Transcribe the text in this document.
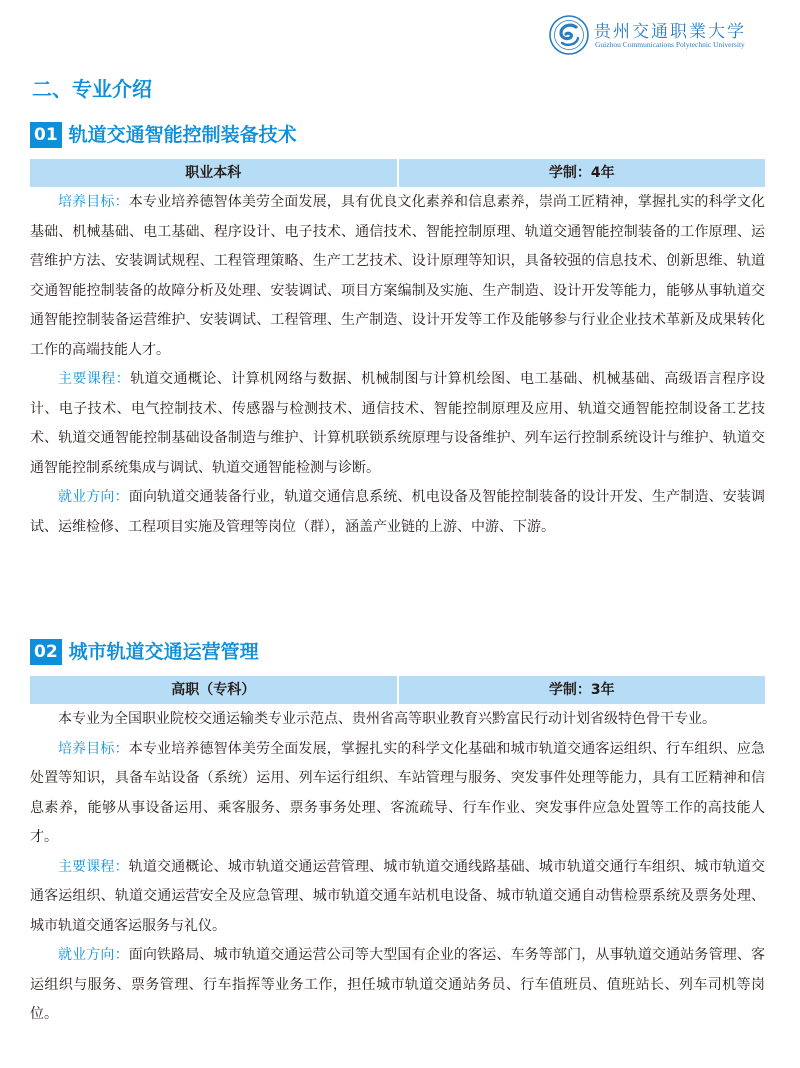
贵州交通职業大学
Guizhou Communications Polytechnic University
二、专业介绍
01 轨道交通智能控制装备技术
职业本科	学制：4年

培养目标：本专业培养德智体美劳全面发展，具有优良文化素养和信息素养，崇尚工匠精神，掌握扎实的科学文化基础、机械基础、电工基础、程序设计、电子技术、通信技术、智能控制原理、轨道交通智能控制装备的工作原理、运营维护方法、安装调试规程、工程管理策略、生产工艺技术、设计原理等知识，具备较强的信息技术、创新思维、轨道交通智能控制装备的故障分析及处理、安装调试、项目方案编制及实施、生产制造、设计开发等能力，能够从事轨道交通智能控制装备运营维护、安装调试、工程管理、生产制造、设计开发等工作及能够参与行业企业技术革新及成果转化工作的高端技能人才。

主要课程：轨道交通概论、计算机网络与数据、机械制图与计算机绘图、电工基础、机械基础、高级语言程序设计、电子技术、电气控制技术、传感器与检测技术、通信技术、智能控制原理及应用、轨道交通智能控制设备工艺技术、轨道交通智能控制基础设备制造与维护、计算机联锁系统原理与设备维护、列车运行控制系统设计与维护、轨道交通智能控制系统集成与调试、轨道交通智能检测与诊断。

就业方向：面向轨道交通装备行业，轨道交通信息系统、机电设备及智能控制装备的设计开发、生产制造、安装调试、运维检修、工程项目实施及管理等岗位（群），涵盖产业链的上游、中游、下游。

02 城市轨道交通运营管理
高职（专科）	学制：3年

本专业为全国职业院校交通运输类专业示范点、贵州省高等职业教育兴黔富民行动计划省级特色骨干专业。

培养目标：本专业培养德智体美劳全面发展，掌握扎实的科学文化基础和城市轨道交通客运组织、行车组织、应急处置等知识，具备车站设备（系统）运用、列车运行组织、车站管理与服务、突发事件处理等能力，具有工匠精神和信息素养，能够从事设备运用、乘客服务、票务事务处理、客流疏导、行车作业、突发事件应急处置等工作的高技能人才。

主要课程：轨道交通概论、城市轨道交通运营管理、城市轨道交通线路基础、城市轨道交通行车组织、城市轨道交通客运组织、轨道交通运营安全及应急管理、城市轨道交通车站机电设备、城市轨道交通自动售检票系统及票务处理、城市轨道交通客运服务与礼仪。

就业方向：面向铁路局、城市轨道交通运营公司等大型国有企业的客运、车务等部门，从事轨道交通站务管理、客运组织与服务、票务管理、行车指挥等业务工作，担任城市轨道交通站务员、行车值班员、值班站长、列车司机等岗位。
